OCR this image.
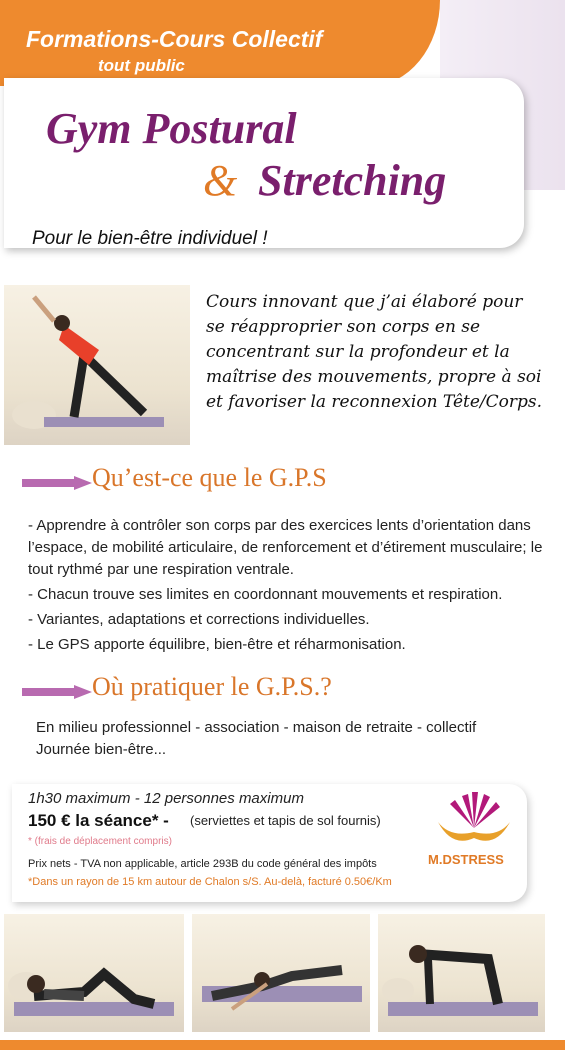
Formations-Cours Collectif
tout public
Gym Postural
& Stretching
Pour le bien-être individuel !
Cours innovant que j’ai élaboré pour se réapproprier son corps en se concentrant sur la profondeur et la maîtrise des mouvements, propre à soi et favoriser la reconnexion Tête/Corps.
Qu’est-ce que le G.P.S

- Apprendre à contrôler son corps par des exercices lents d’orientation dans l’espace, de mobilité articulaire, de renforcement et d’étirement musculaire; le tout rythmé par une respiration ventrale.

- Chacun trouve ses limites en coordonnant mouvements et respiration.

- Variantes, adaptations et corrections individuelles.

- Le GPS apporte équilibre, bien-être et réharmonisation.

Où pratiquer le G.P.S.?

En milieu professionnel - association - maison de retraite - collectif

Journée bien-être...

1h30 maximum - 12 personnes maximum
150 € la séance* - (serviettes et tapis de sol fournis)
* (frais de déplacement compris)
Prix nets - TVA non applicable, article 293B du code général des impôts
*Dans un rayon de 15 km autour de Chalon s/S. Au-delà, facturé 0.50€/Km
M.DSTRESS
